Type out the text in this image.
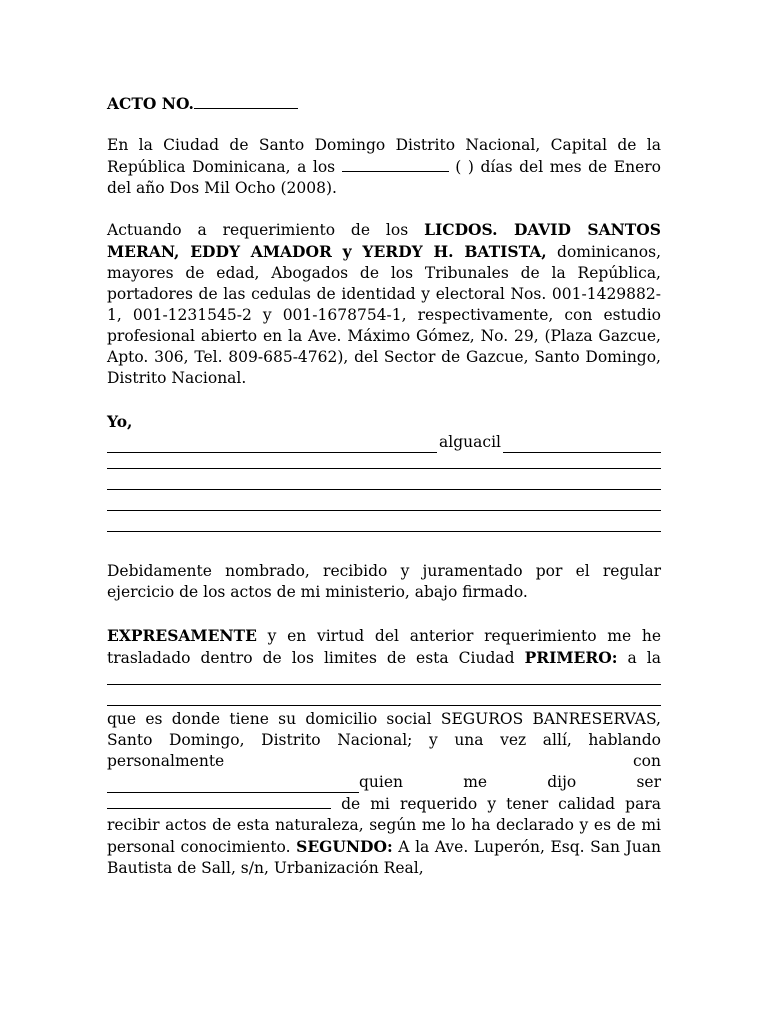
ACTO NO.

En la Ciudad de Santo Domingo Distrito Nacional, Capital de la República Dominicana, a los	( ) días del mes de Enero del año Dos Mil Ocho (2008).

Actuando a requerimiento de los LICDOS. DAVID SANTOS MERAN, EDDY AMADOR y YERDY H. BATISTA, dominicanos, mayores de edad, Abogados de los Tribunales de la República, portadores de las cedulas de identidad y electoral Nos. 001-1429882-1, 001-1231545-2 y 001-1678754-1, respectivamente, con estudio profesional abierto en la Ave. Máximo Gómez, No. 29, (Plaza Gazcue, Apto. 306, Tel. 809-685-4762), del Sector de Gazcue, Santo Domingo, Distrito Nacional.

Yo,
alguacil

Debidamente nombrado, recibido y juramentado por el regular ejercicio de los actos de mi ministerio, abajo firmado.

EXPRESAMENTE y en virtud del anterior requerimiento me he trasladado dentro de los limites de esta Ciudad PRIMERO: a la

que es donde tiene su domicilio social SEGUROS BANRESERVAS, Santo Domingo, Distrito Nacional; y una vez allí, hablando personalmente con

quien	me	dijo	ser

de mi requerido y tener calidad para recibir actos de esta naturaleza, según me lo ha declarado y es de mi personal conocimiento. SEGUNDO: A la Ave. Luperón, Esq. San Juan Bautista de Sall, s/n, Urbanización Real,
